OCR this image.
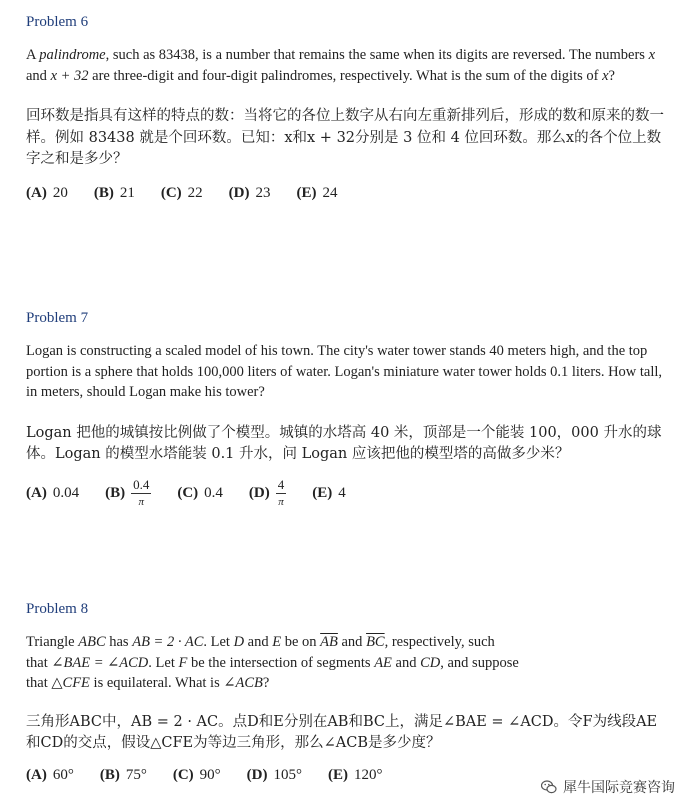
Problem 6

A palindrome, such as 83438, is a number that remains the same when its digits are reversed. The numbers x and x + 32 are three-digit and four-digit palindromes, respectively. What is the sum of the digits of x?

回环数是指具有这样的特点的数：当将它的各位上数字从右向左重新排列后，形成的数和原来的数一样。例如 83438 就是个回环数。已知：x和x + 32分别是 3 位和 4 位回环数。那么x的各个位上数字之和是多少？

(A) 20 (B) 21 (C) 22 (D) 23 (E) 24

Problem 7

Logan is constructing a scaled model of his town. The city's water tower stands 40 meters high, and the top portion is a sphere that holds 100,000 liters of water. Logan's miniature water tower holds 0.1 liters. How tall, in meters, should Logan make his tower?

Logan 把他的城镇按比例做了个模型。城镇的水塔高 40 米，顶部是一个能装 100，000 升水的球体。Logan 的模型水塔能装 0.1 升水，问 Logan 应该把他的模型塔的高做多少米？

(A) 0.04 $(B) \frac{0.4}{\pi} (C)$ 0.4 $(D) \frac{4}{\pi} (E)$ 4

Problem 8

Triangle ABC has AB = 2 · AC. Let D and E be on $\overline{AB}$ and $\overline{BC}$, respectively, such
that ∠BAE = ∠ACD. Let F be the intersection of segments AE and CD, and suppose
that △CFE is equilateral. What is ∠ACB?

三角形ABC中，AB = 2 · AC。点D和E分别在AB和BC上，满足∠BAE = ∠ACD。令F为线段AE和CD的交点，假设△CFE为等边三角形，那么∠ACB是多少度？

(A) 60° (B) 75° (C) 90° (D) 105° (E) 120°
犀牛国际竞赛咨询
